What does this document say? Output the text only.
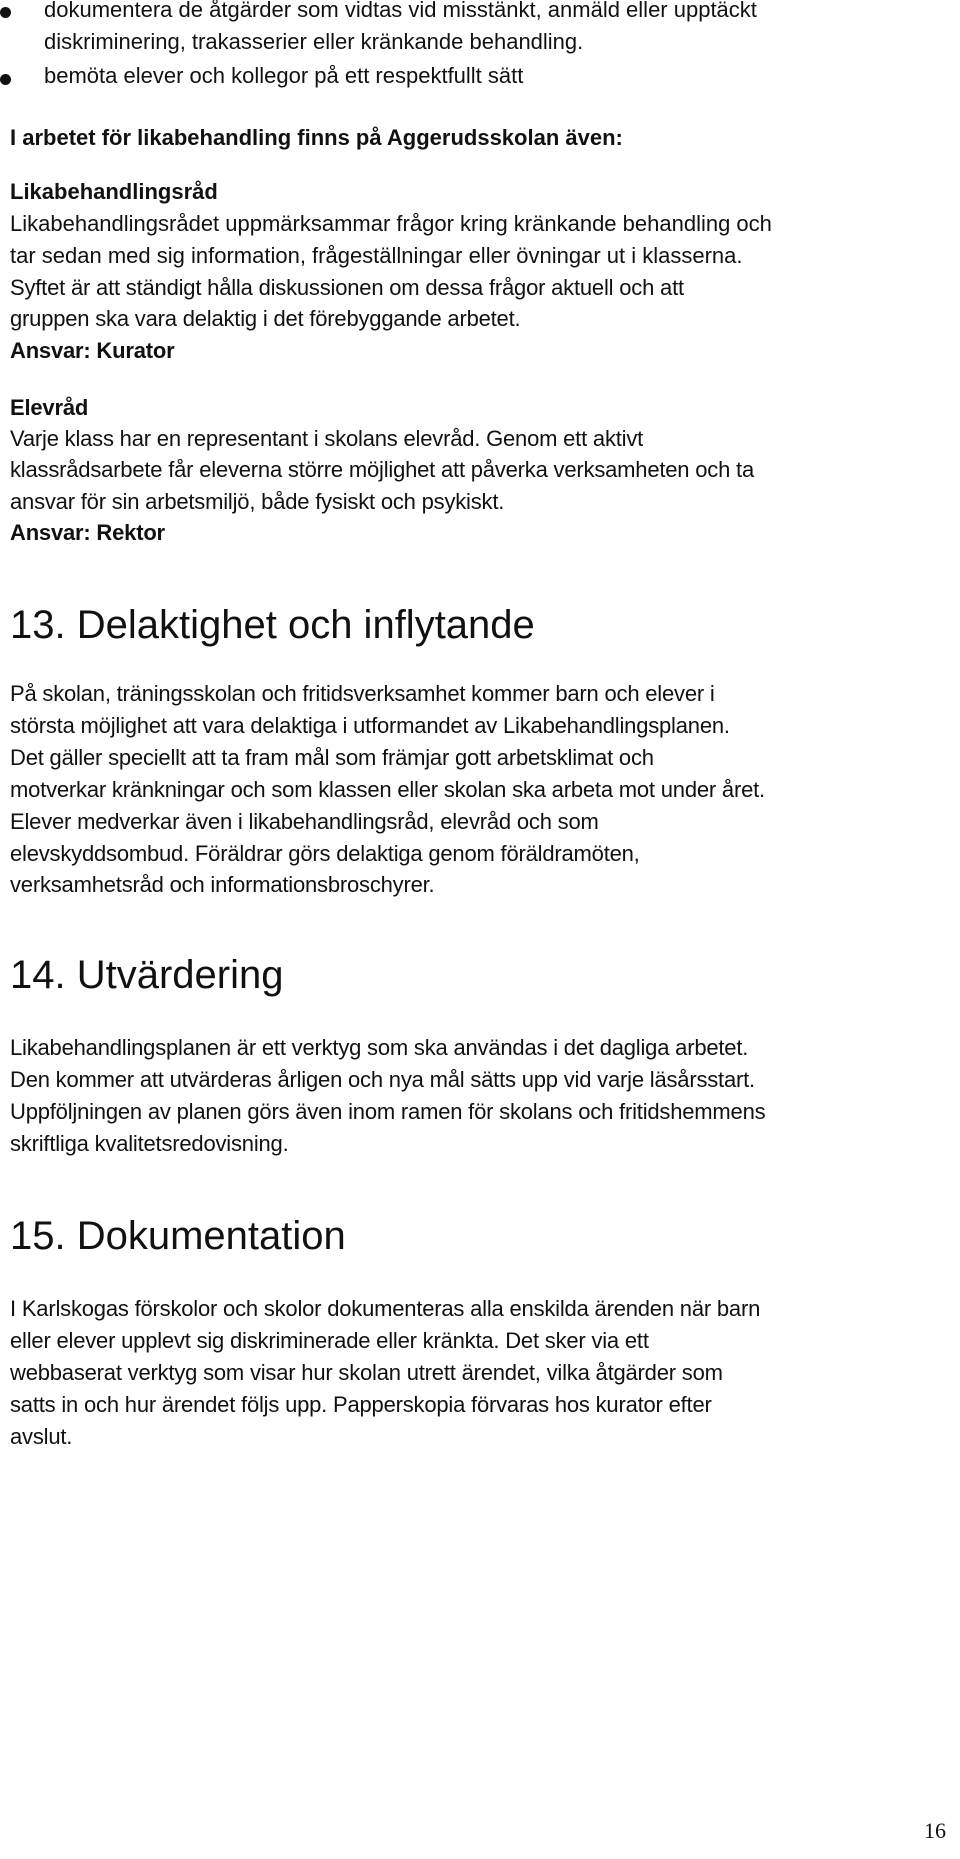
dokumentera de åtgärder som vidtas vid misstänkt, anmäld eller upptäckt
diskriminering, trakasserier eller kränkande behandling.
bemöta elever och kollegor på ett respektfullt sätt
I arbetet för likabehandling finns på Aggerudsskolan även:
Likabehandlingsråd
Likabehandlingsrådet uppmärksammar frågor kring kränkande behandling och
tar sedan med sig information, frågeställningar eller övningar ut i klasserna.
Syftet är att ständigt hålla diskussionen om dessa frågor aktuell och att
gruppen ska vara delaktig i det förebyggande arbetet.
Ansvar: Kurator
Elevråd
Varje klass har en representant i skolans elevråd. Genom ett aktivt
klassrådsarbete får eleverna större möjlighet att påverka verksamheten och ta
ansvar för sin arbetsmiljö, både fysiskt och psykiskt.
Ansvar: Rektor
13. Delaktighet och inflytande
På skolan, träningsskolan och fritidsverksamhet kommer barn och elever i
största möjlighet att vara delaktiga i utformandet av Likabehandlingsplanen.
Det gäller speciellt att ta fram mål som främjar gott arbetsklimat och
motverkar kränkningar och som klassen eller skolan ska arbeta mot under året.
Elever medverkar även i likabehandlingsråd, elevråd och som
elevskyddsombud. Föräldrar görs delaktiga genom föräldramöten,
verksamhetsråd och informationsbroschyrer.
14. Utvärdering
Likabehandlingsplanen är ett verktyg som ska användas i det dagliga arbetet.
Den kommer att utvärderas årligen och nya mål sätts upp vid varje läsårsstart.
Uppföljningen av planen görs även inom ramen för skolans och fritidshemmens
skriftliga kvalitetsredovisning.
15. Dokumentation
I Karlskogas förskolor och skolor dokumenteras alla enskilda ärenden när barn
eller elever upplevt sig diskriminerade eller kränkta. Det sker via ett
webbaserat verktyg som visar hur skolan utrett ärendet, vilka åtgärder som
satts in och hur ärendet följs upp. Papperskopia förvaras hos kurator efter
avslut.
16
